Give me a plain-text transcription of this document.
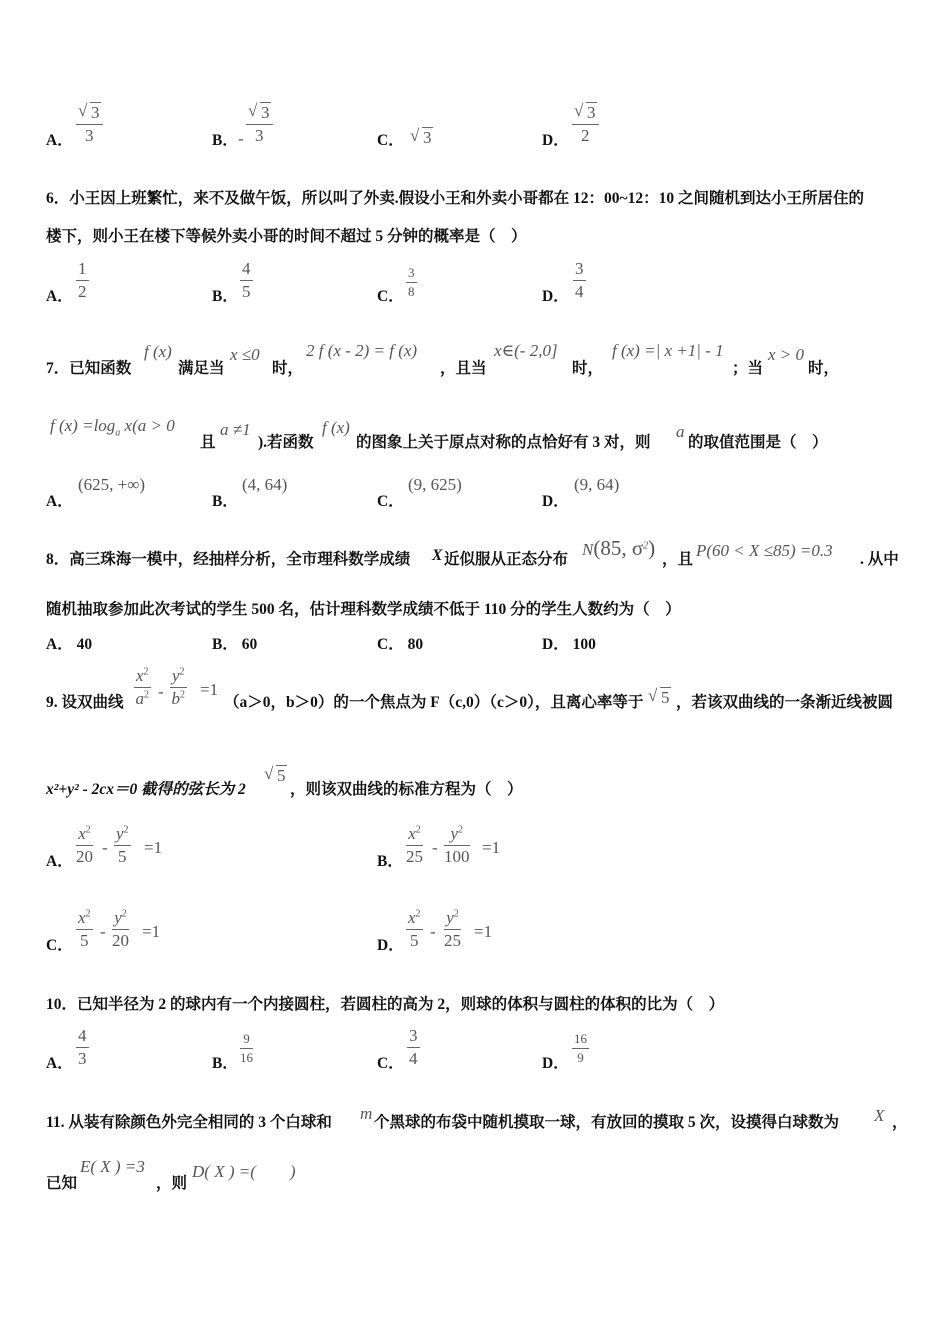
A．
√ 3
3	B． -
√ 3
3	C．	√ 3	D．
√ 3
2
6．小王因上班繁忙，来不及做午饭，所以叫了外卖.假设小王和外卖小哥都在 12：00~12：10 之间随机到达小王所居住的
楼下，则小王在楼下等候外卖小哥的时间不超过 5 分钟的概率是（　）
A．
1
2	B．
4
5	C．
3
8	D．
3
4
7．已知函数
f (x)
满足当
x ≤0
时，
2 f (x - 2) = f (x)
，且当
x∈(- 2,0]
时，
f (x) =| x +1| - 1
；当
x > 0
时，
f $(x) =\log_a$ x(a > 0
且
a ≠1
).若函数
f (x)
的图象上关于原点对称的点恰好有 3 对，则
a
的取值范围是（　）
A．
(625, +∞)
B．
(4, 64)
C．
(9, 625)
D．
(9, 64)
8．高三珠海一模中，经抽样分析，全市理科数学成绩 X 近似服从正态分布
N(85, $\sigma^2$) ，且 P(60 < X ≤85) =0.3 . 从中
随机抽取参加此次考试的学生 500 名，估计理科数学成绩不低于 110 分的学生人数约为（　）
A． 40	B． 60	C． 80	D． 100
9. 设双曲线
$x^2$
$a^2$ -
$y^2$
$b^2 =1$
（a＞0，b＞0）的一个焦点为 F（c,0）（c＞0），且离心率等于	√ 5 ，若该双曲线的一条渐近线被圆
x²+y² - 2cx＝0 截得的弦长为 2
√ 5
，则该双曲线的标准方程为（　）
A．
$x^2$
20 -
$y^2$
5 =1
B．
$x^2$
25 -
$y^2$
100 =1
C．
$x^2$
5 -
$y^2$
20 =1
D．
$x^2$
5 -
$y^2$
25 =1
10．已知半径为 2 的球内有一个内接圆柱，若圆柱的高为 2，则球的体积与圆柱的体积的比为（　）
A．
4
3	B．
9
16	C．
3
4	D．
16
9
11. 从装有除颜色外完全相同的 3 个白球和 m 个黑球的布袋中随机摸取一球，有放回的摸取 5 次，设摸得白球数为 X ，
已知
E( X ) =3
，则
D( X ) =(　　)
